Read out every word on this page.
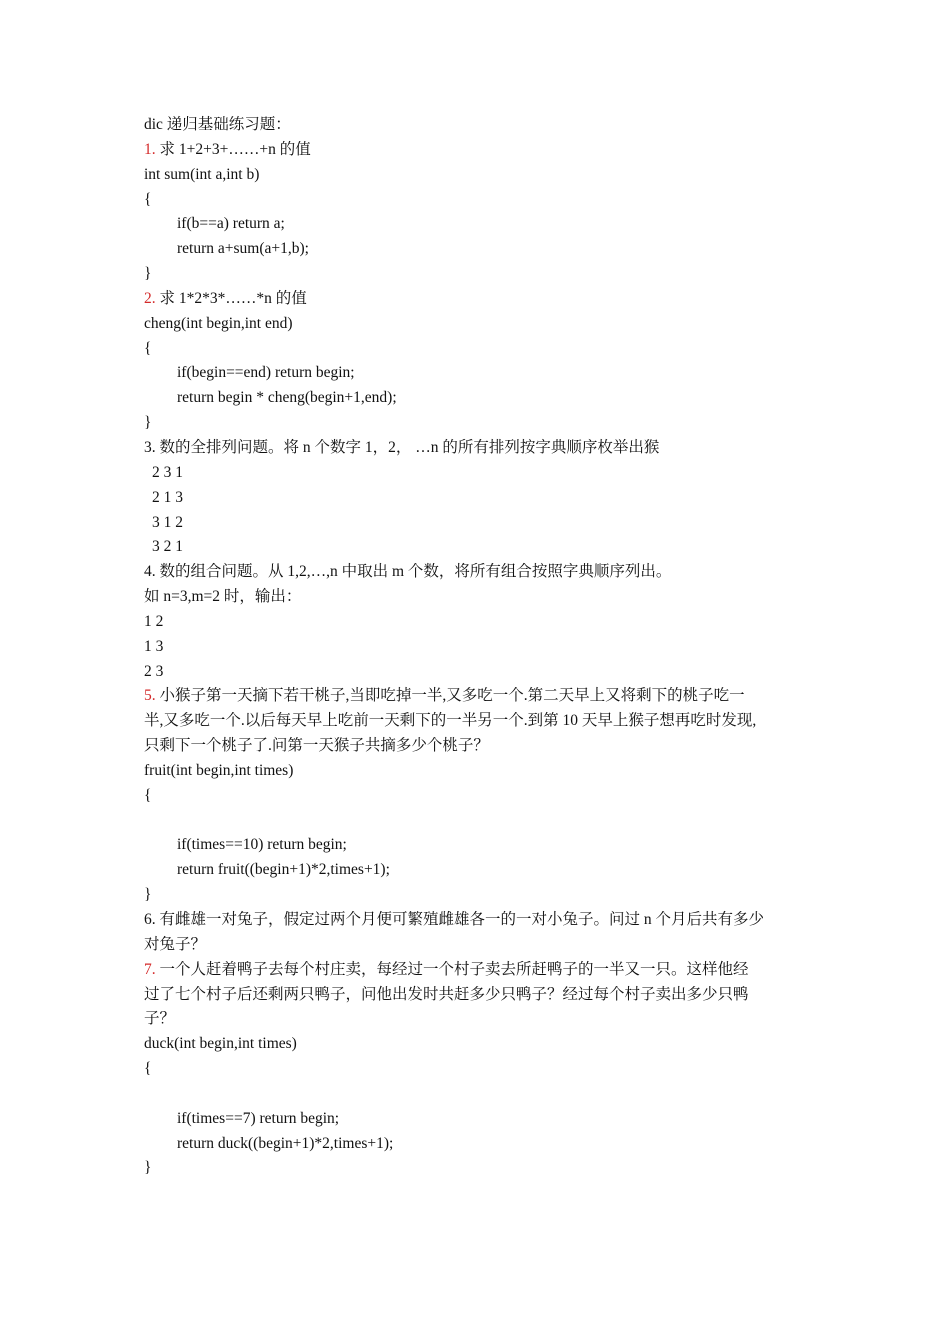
dic 递归基础练习题：
1. 求 1+2+3+……+n 的值
int sum(int a,int b)
{
if(b==a) return a;
return a+sum(a+1,b);
}
2. 求 1*2*3*……*n 的值
cheng(int begin,int end)
{
if(begin==end) return begin;
return begin * cheng(begin+1,end);
}
3. 数的全排列问题。将 n 个数字 1，2， …n 的所有排列按字典顺序枚举出猴
2 3 1
2 1 3
3 1 2
3 2 1
4. 数的组合问题。从 1,2,…,n 中取出 m 个数，将所有组合按照字典顺序列出。
如 n=3,m=2 时，输出：
1 2
1 3
2 3
5. 小猴子第一天摘下若干桃子,当即吃掉一半,又多吃一个.第二天早上又将剩下的桃子吃一
半,又多吃一个.以后每天早上吃前一天剩下的一半另一个.到第 10 天早上猴子想再吃时发现,
只剩下一个桃子了.问第一天猴子共摘多少个桃子？
fruit(int begin,int times)
{
if(times==10) return begin;
return fruit((begin+1)*2,times+1);
}
6. 有雌雄一对兔子，假定过两个月便可繁殖雌雄各一的一对小兔子。问过 n 个月后共有多少
对兔子？
7. 一个人赶着鸭子去每个村庄卖，每经过一个村子卖去所赶鸭子的一半又一只。这样他经
过了七个村子后还剩两只鸭子，问他出发时共赶多少只鸭子？经过每个村子卖出多少只鸭
子？
duck(int begin,int times)
{
if(times==7) return begin;
return duck((begin+1)*2,times+1);
}
